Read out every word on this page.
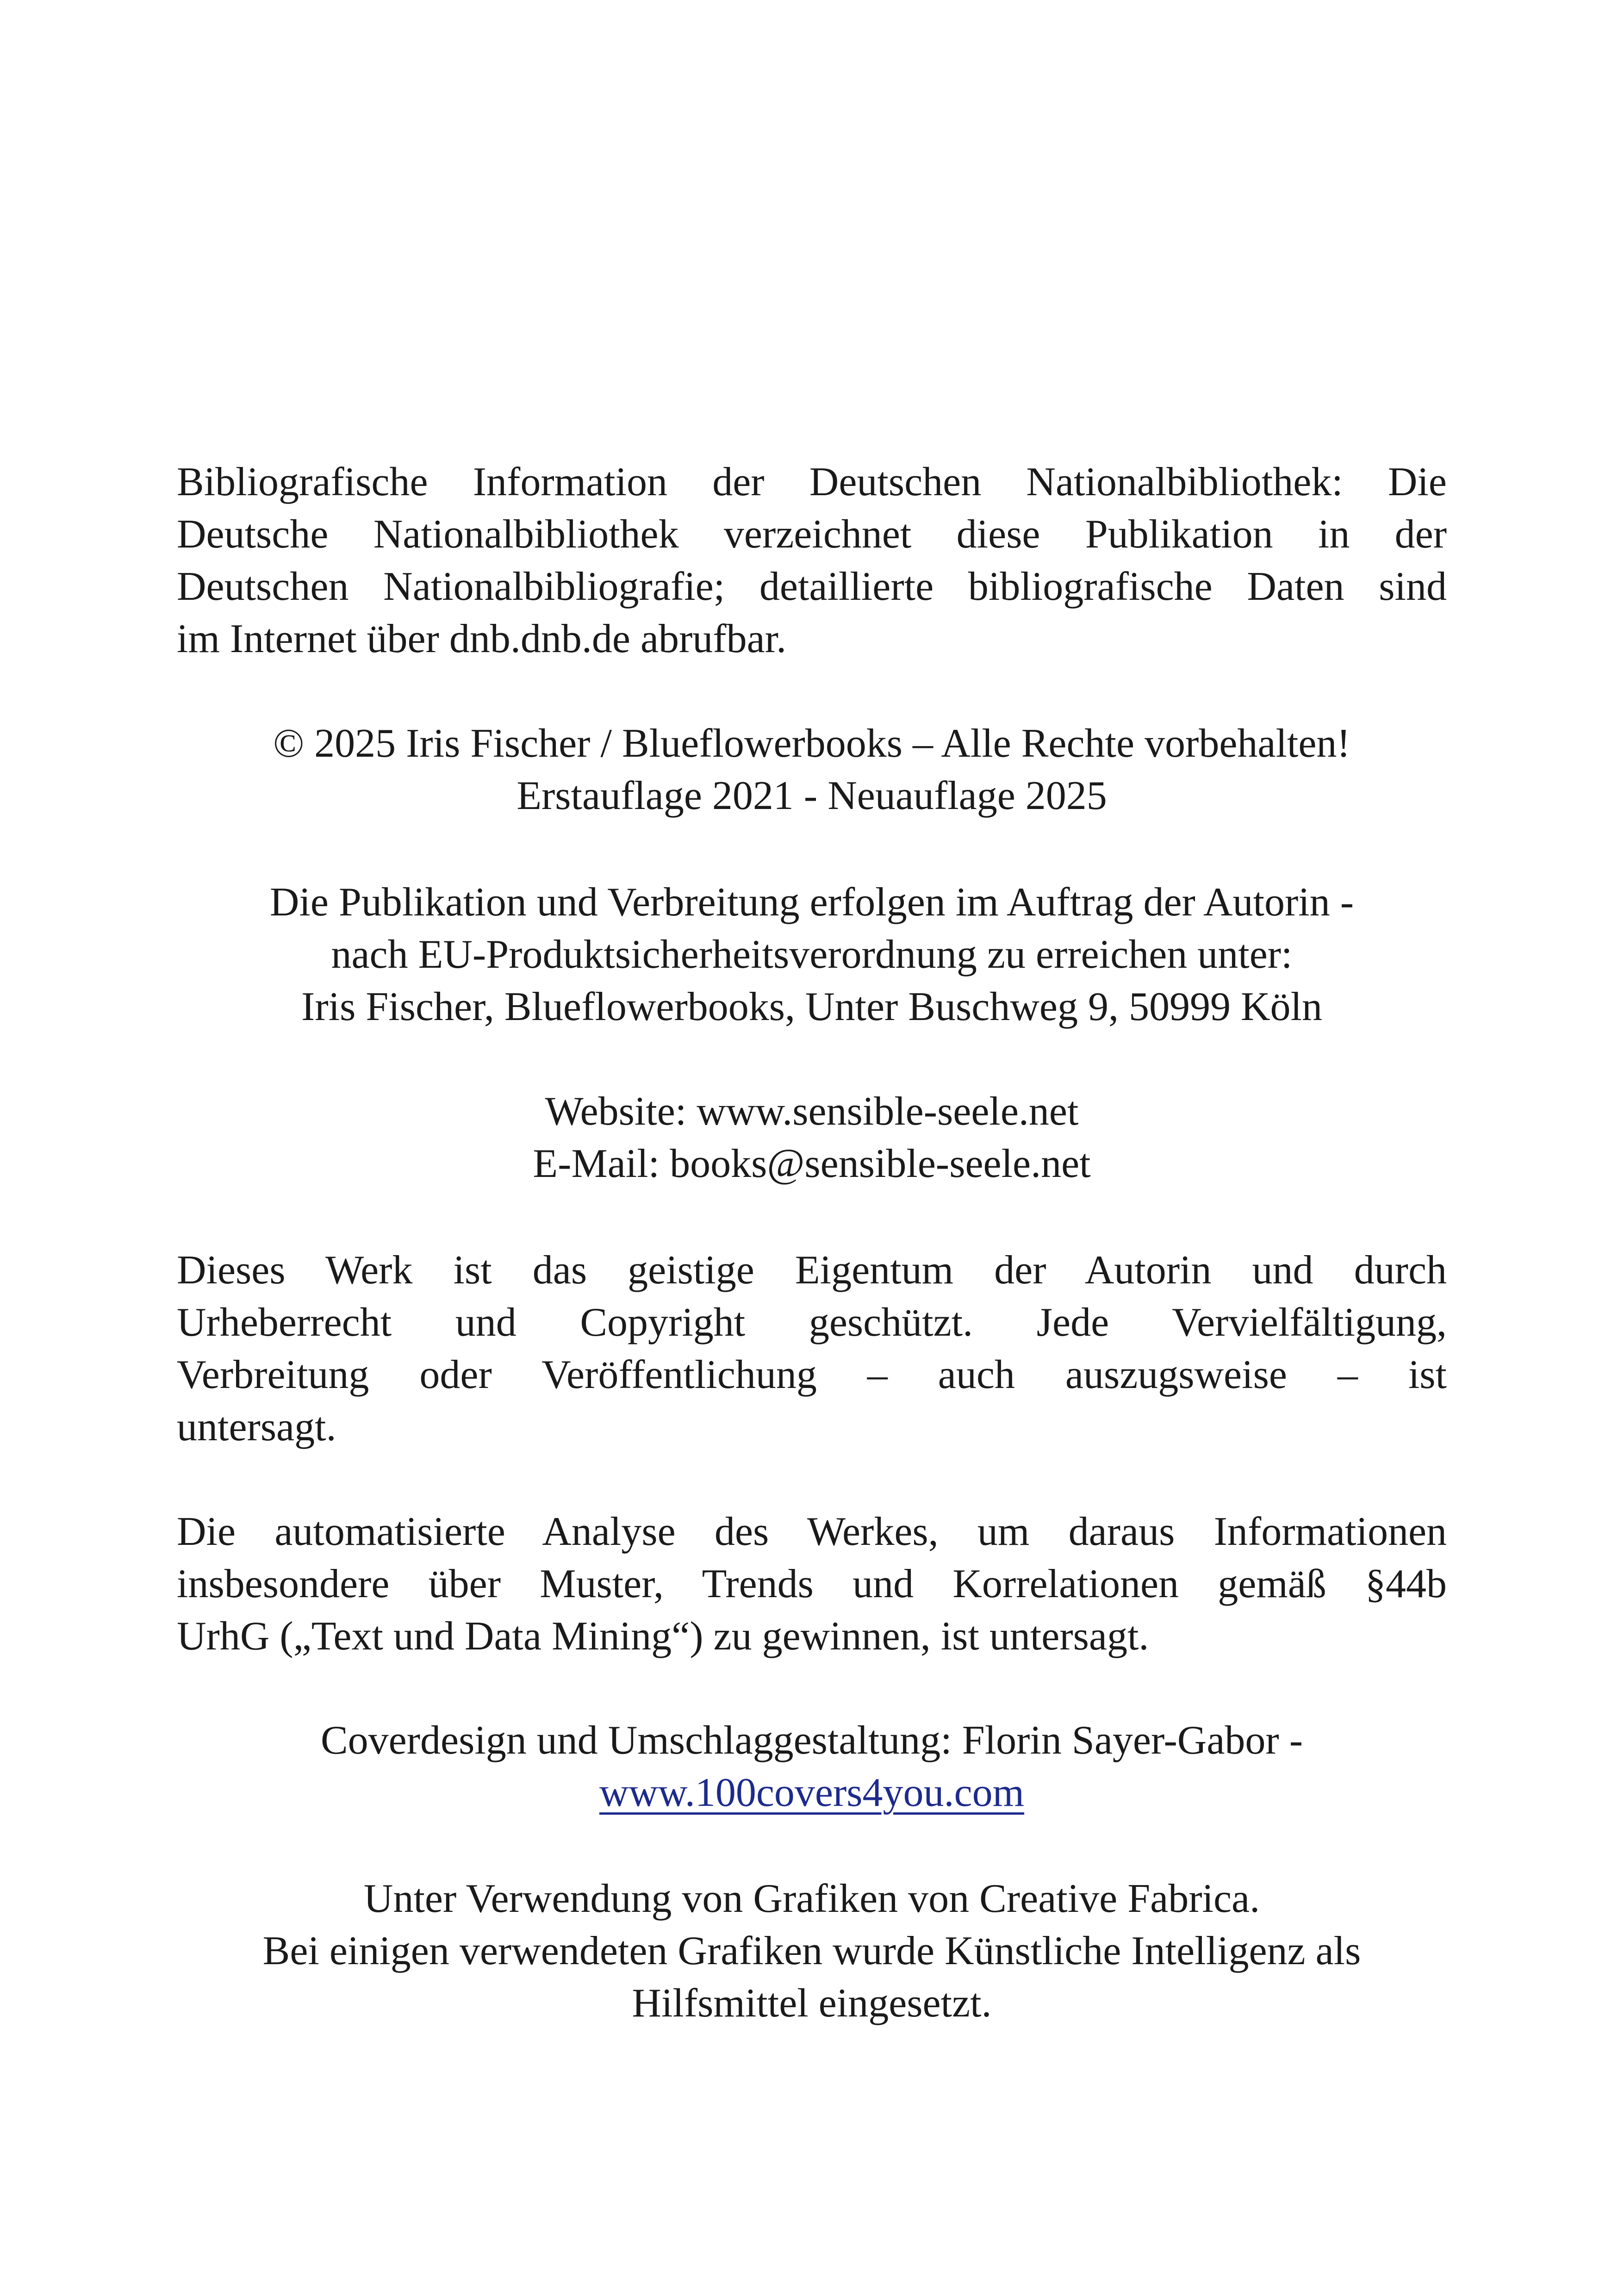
Bibliografische Information der Deutschen Nationalbibliothek: Die
Deutsche Nationalbibliothek verzeichnet diese Publikation in der
Deutschen Nationalbibliografie; detaillierte bibliografische Daten sind
im Internet über dnb.dnb.de abrufbar.
© 2025 Iris Fischer / Blueflowerbooks – Alle Rechte vorbehalten!
Erstauflage 2021 - Neuauflage 2025
Die Publikation und Verbreitung erfolgen im Auftrag der Autorin -
nach EU-Produktsicherheitsverordnung zu erreichen unter:
Iris Fischer, Blueflowerbooks, Unter Buschweg 9, 50999 Köln
Website: www.sensible-seele.net
E-Mail: books@sensible-seele.net
Dieses Werk ist das geistige Eigentum der Autorin und durch
Urheberrecht und Copyright geschützt. Jede Vervielfältigung,
Verbreitung oder Veröffentlichung – auch auszugsweise – ist
untersagt.
Die automatisierte Analyse des Werkes, um daraus Informationen
insbesondere über Muster, Trends und Korrelationen gemäß §44b
UrhG („Text und Data Mining“) zu gewinnen, ist untersagt.
Coverdesign und Umschlaggestaltung: Florin Sayer-Gabor -
www.100covers4you.com
Unter Verwendung von Grafiken von Creative Fabrica.
Bei einigen verwendeten Grafiken wurde Künstliche Intelligenz als
Hilfsmittel eingesetzt.
